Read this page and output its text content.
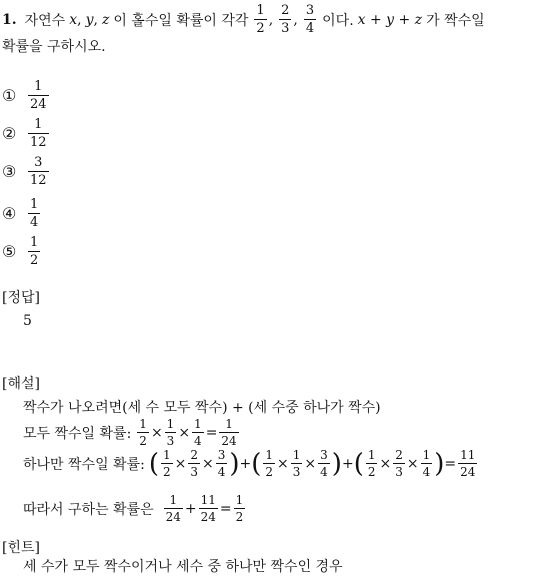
1. 자연수 x , y , z 이 홀수일 확률이 각각 $\frac{1}{2}$ , $\frac{2}{3}$ , $\frac{3}{4}$ 이다. x + y + z 가 짝수일
확률을 구하시오.
① $\frac{1}{24}$
② $\frac{1}{12}$
③ $\frac{3}{12}$
④ $\frac{1}{4}$
⑤ $\frac{1}{2}$
[정답]
5
[해설]
짝수가 나오려면(세 수 모두 짝수) + (세 수중 하나가 짝수)
모두 짝수일 확률: $\frac{1}{2} \times \frac{1}{3} \times \frac{1}{4} = \frac{1}{24}$
하나만 짝수일 확률: ( $\frac{1}{2} \times \frac{2}{3} \times \frac{3}{4}$ ) + ( $\frac{1}{2} \times \frac{1}{3} \times \frac{3}{4}$ ) + ( $\frac{1}{2} \times \frac{2}{3} \times \frac{1}{4}$ ) = $\frac{11}{24}$
따라서 구하는 확률은 $\frac{1}{24} + \frac{11}{24} = \frac{1}{2}$
[힌트]
세 수가 모두 짝수이거나 세수 중 하나만 짝수인 경우
